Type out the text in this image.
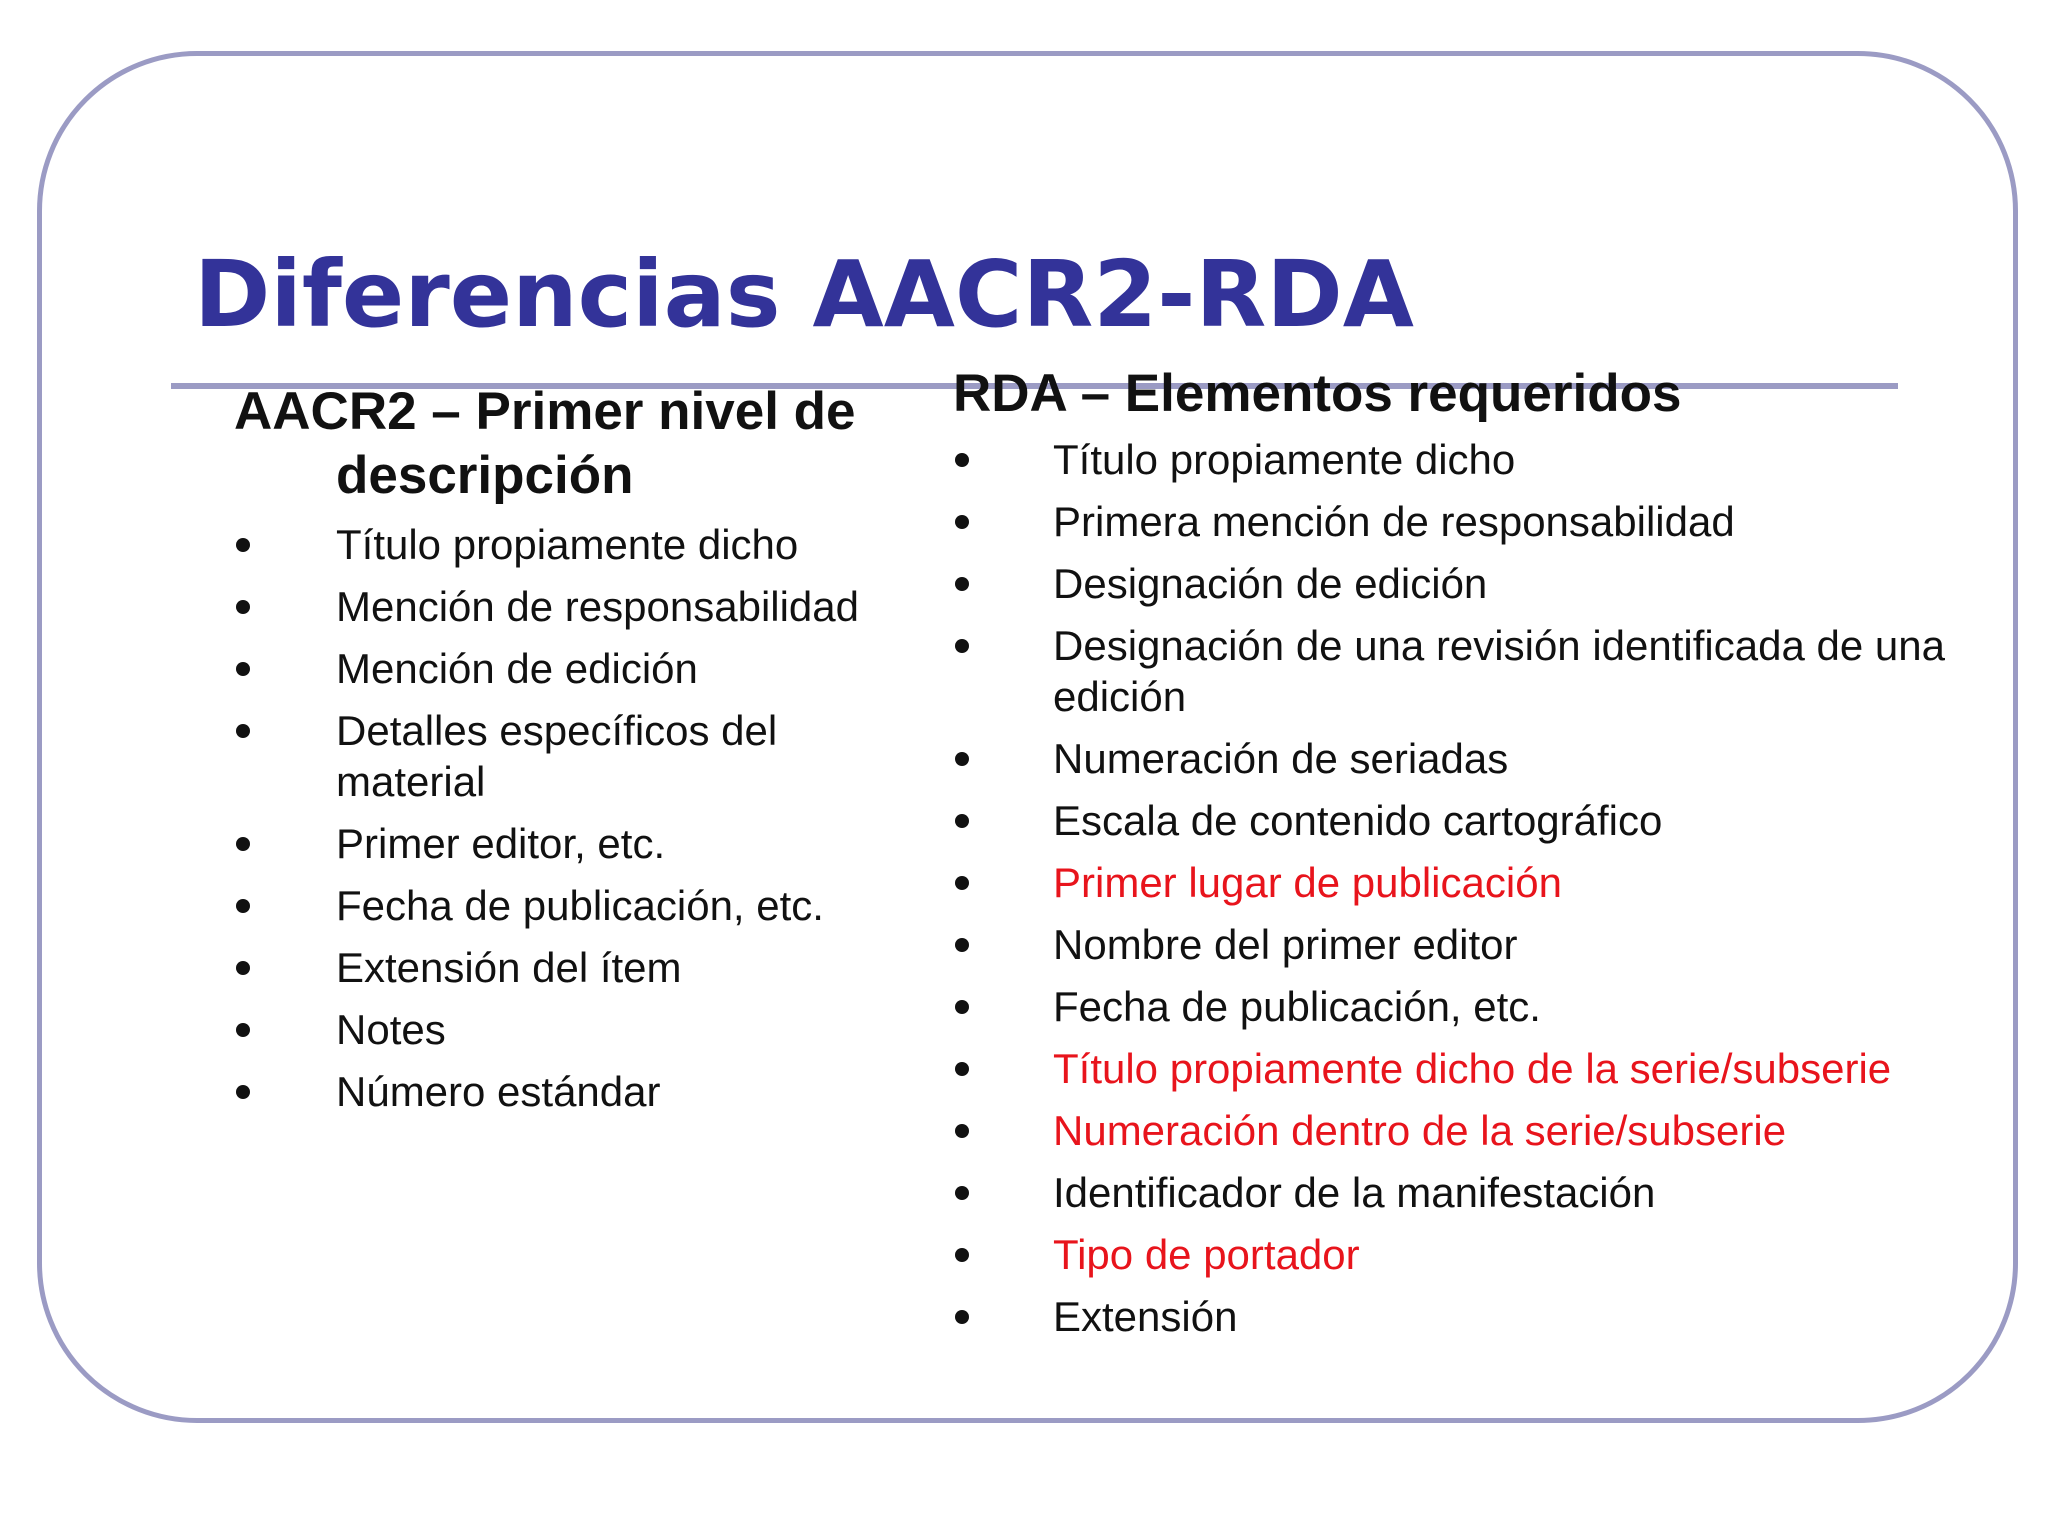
Diferencias AACR2-RDA
AACR2 – Primer nivel de descripción
Título propiamente dicho
Mención de responsabilidad
Mención de edición
Detalles específicos del material
Primer editor, etc.
Fecha de publicación, etc.
Extensión del ítem
Notes
Número estándar
RDA – Elementos requeridos
Título propiamente dicho
Primera mención de responsabilidad
Designación de edición
Designación de una revisión identificada de una edición
Numeración de seriadas
Escala de contenido cartográfico
Primer lugar de publicación
Nombre del primer editor
Fecha de publicación, etc.
Título propiamente dicho de la serie/subserie
Numeración dentro de la serie/subserie
Identificador de la manifestación
Tipo de portador
Extensión
